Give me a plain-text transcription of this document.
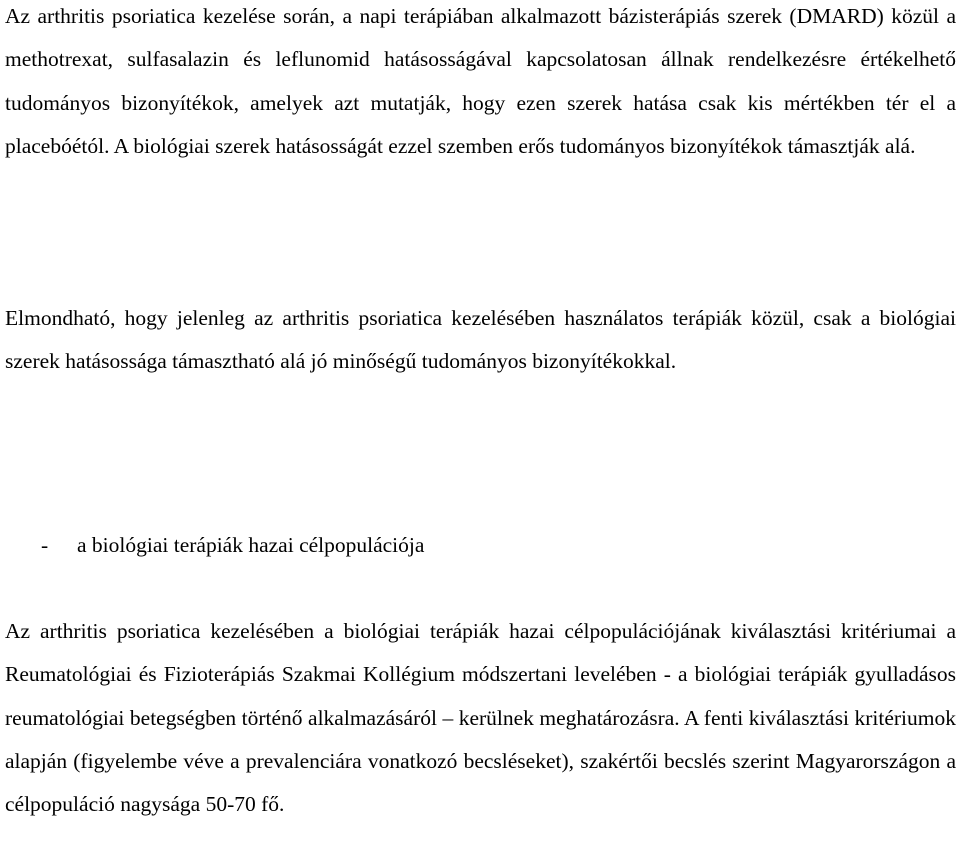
Az arthritis psoriatica kezelése során, a napi terápiában alkalmazott bázisterápiás szerek (DMARD) közül a methotrexat, sulfasalazin és leflunomid hatásosságával kapcsolatosan állnak rendelkezésre értékelhető tudományos bizonyítékok, amelyek azt mutatják, hogy ezen szerek hatása csak kis mértékben tér el a placebóétól. A biológiai szerek hatásosságát ezzel szemben erős tudományos bizonyítékok támasztják alá.

Elmondható, hogy jelenleg az arthritis psoriatica kezelésében használatos terápiák közül, csak a biológiai szerek hatásossága támasztható alá jó minőségű tudományos bizonyítékokkal.

- a biológiai terápiák hazai célpopulációja

Az arthritis psoriatica kezelésében a biológiai terápiák hazai célpopulációjának kiválasztási kritériumai a Reumatológiai és Fizioterápiás Szakmai Kollégium módszertani levelében - a biológiai terápiák gyulladásos reumatológiai betegségben történő alkalmazásáról – kerülnek meghatározásra. A fenti kiválasztási kritériumok alapján (figyelembe véve a prevalenciára vonatkozó becsléseket), szakértői becslés szerint Magyarországon a célpopuláció nagysága 50-70 fő.
